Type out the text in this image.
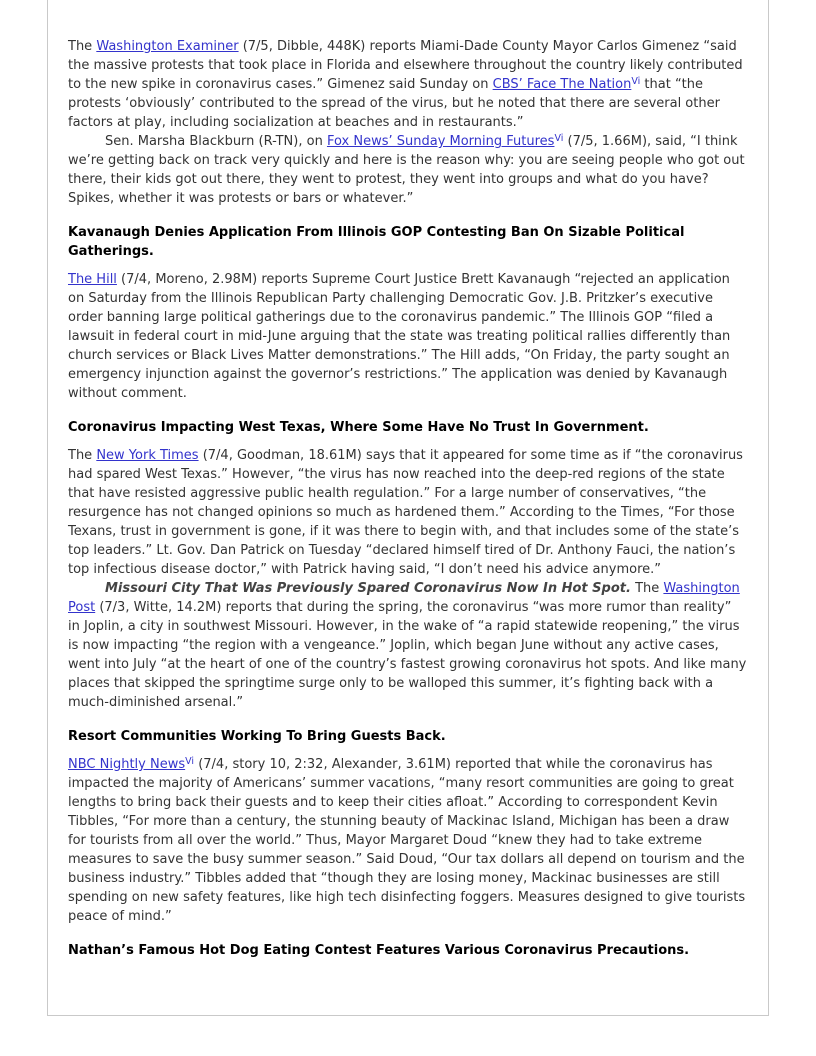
The Washington Examiner (7/5, Dibble, 448K) reports Miami-Dade County Mayor Carlos Gimenez “said the massive protests that took place in Florida and elsewhere throughout the country likely contributed to the new spike in coronavirus cases.” Gimenez said Sunday on CBS’ Face The Nation$^{Vi}$ that “the protests ‘obviously’ contributed to the spread of the virus, but he noted that there are several other factors at play, including socialization at beaches and in restaurants.”

Sen. Marsha Blackburn (R-TN), on Fox News’ Sunday Morning Futures$^{Vi}$ (7/5, 1.66M), said, “I think we’re getting back on track very quickly and here is the reason why: you are seeing people who got out there, their kids got out there, they went to protest, they went into groups and what do you have? Spikes, whether it was protests or bars or whatever.”

Kavanaugh Denies Application From Illinois GOP Contesting Ban On Sizable Political Gatherings.

The Hill (7/4, Moreno, 2.98M) reports Supreme Court Justice Brett Kavanaugh “rejected an application on Saturday from the Illinois Republican Party challenging Democratic Gov. J.B. Pritzker’s executive order banning large political gatherings due to the coronavirus pandemic.” The Illinois GOP “filed a lawsuit in federal court in mid-June arguing that the state was treating political rallies differently than church services or Black Lives Matter demonstrations.” The Hill adds, “On Friday, the party sought an emergency injunction against the governor’s restrictions.” The application was denied by Kavanaugh without comment.

Coronavirus Impacting West Texas, Where Some Have No Trust In Government.

The New York Times (7/4, Goodman, 18.61M) says that it appeared for some time as if “the coronavirus had spared West Texas.” However, “the virus has now reached into the deep-red regions of the state that have resisted aggressive public health regulation.” For a large number of conservatives, “the resurgence has not changed opinions so much as hardened them.” According to the Times, “For those Texans, trust in government is gone, if it was there to begin with, and that includes some of the state’s top leaders.” Lt. Gov. Dan Patrick on Tuesday “declared himself tired of Dr. Anthony Fauci, the nation’s top infectious disease doctor,” with Patrick having said, “I don’t need his advice anymore.”

Missouri City That Was Previously Spared Coronavirus Now In Hot Spot. The Washington Post (7/3, Witte, 14.2M) reports that during the spring, the coronavirus “was more rumor than reality” in Joplin, a city in southwest Missouri. However, in the wake of “a rapid statewide reopening,” the virus is now impacting “the region with a vengeance.” Joplin, which began June without any active cases, went into July “at the heart of one of the country’s fastest growing coronavirus hot spots. And like many places that skipped the springtime surge only to be walloped this summer, it’s fighting back with a much-diminished arsenal.”

Resort Communities Working To Bring Guests Back.

NBC Nightly News$^{Vi}$ (7/4, story 10, 2:32, Alexander, 3.61M) reported that while the coronavirus has impacted the majority of Americans’ summer vacations, “many resort communities are going to great lengths to bring back their guests and to keep their cities afloat.” According to correspondent Kevin Tibbles, “For more than a century, the stunning beauty of Mackinac Island, Michigan has been a draw for tourists from all over the world.” Thus, Mayor Margaret Doud “knew they had to take extreme measures to save the busy summer season.” Said Doud, “Our tax dollars all depend on tourism and the business industry.” Tibbles added that “though they are losing money, Mackinac businesses are still spending on new safety features, like high tech disinfecting foggers. Measures designed to give tourists peace of mind.”

Nathan’s Famous Hot Dog Eating Contest Features Various Coronavirus Precautions.
